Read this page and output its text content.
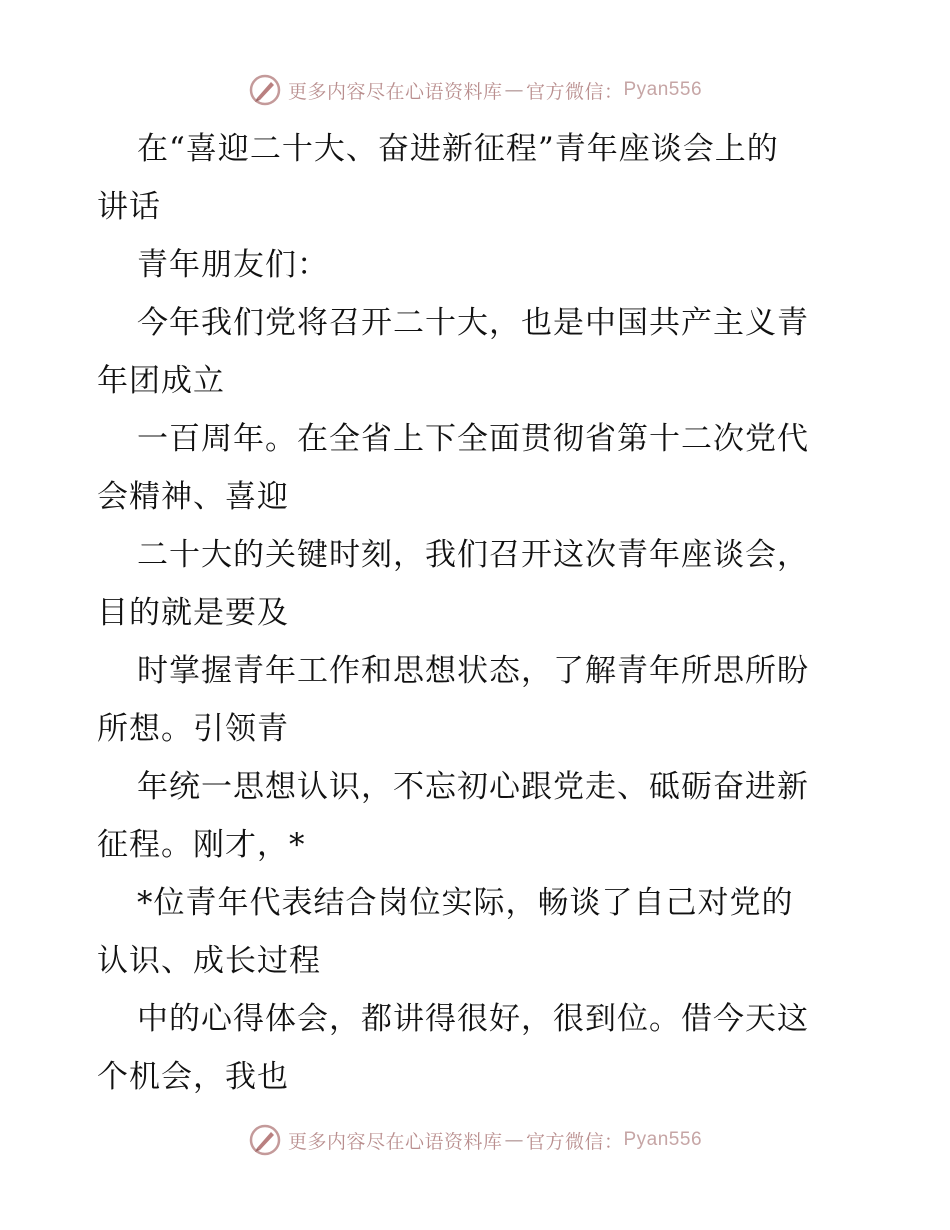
更多内容尽在心语资料库 — 官方微信： Pyan556
在“喜迎二十大、奋进新征程”青年座谈会上的
讲话
青年朋友们：
今年我们党将召开二十大，也是中国共产主义青
年团成立
一百周年。在全省上下全面贯彻省第十二次党代
会精神、喜迎
二十大的关键时刻，我们召开这次青年座谈会，
目的就是要及
时掌握青年工作和思想状态，了解青年所思所盼
所想。引领青
年统一思想认识，不忘初心跟党走、砥砺奋进新
征程。刚才，*
*位青年代表结合岗位实际，畅谈了自己对党的
认识、成长过程
中的心得体会，都讲得很好，很到位。借今天这
个机会，我也
更多内容尽在心语资料库 — 官方微信： Pyan556
